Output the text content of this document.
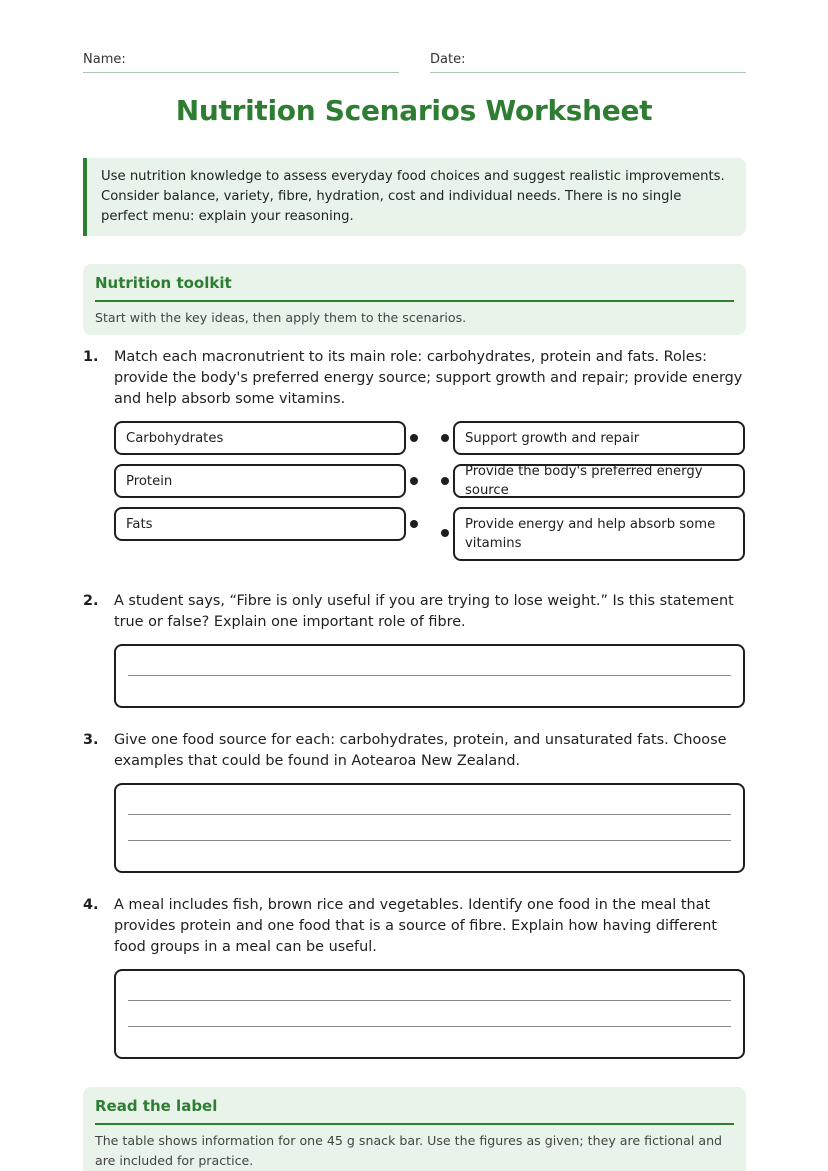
Name:	Date:
Nutrition Scenarios Worksheet
Use nutrition knowledge to assess everyday food choices and suggest realistic improvements. Consider balance, variety, fibre, hydration, cost and individual needs. There is no single perfect menu: explain your reasoning.
Nutrition toolkit

Start with the key ideas, then apply them to the scenarios.

1. Match each macronutrient to its main role: carbohydrates, protein and fats. Roles: provide the body's preferred energy source; support growth and repair; provide energy and help absorb some vitamins.
Carbohydrates
Protein
Fats
Support growth and repair
Provide the body's preferred energy source
Provide energy and help absorb some vitamins
2. A student says, “Fibre is only useful if you are trying to lose weight.” Is this statement true or false? Explain one important role of fibre.
3. Give one food source for each: carbohydrates, protein, and unsaturated fats. Choose examples that could be found in Aotearoa New Zealand.
4. A meal includes fish, brown rice and vegetables. Identify one food in the meal that provides protein and one food that is a source of fibre. Explain how having different food groups in a meal can be useful.
Read the label

The table shows information for one 45 g snack bar. Use the figures as given; they are fictional and are included for practice.
